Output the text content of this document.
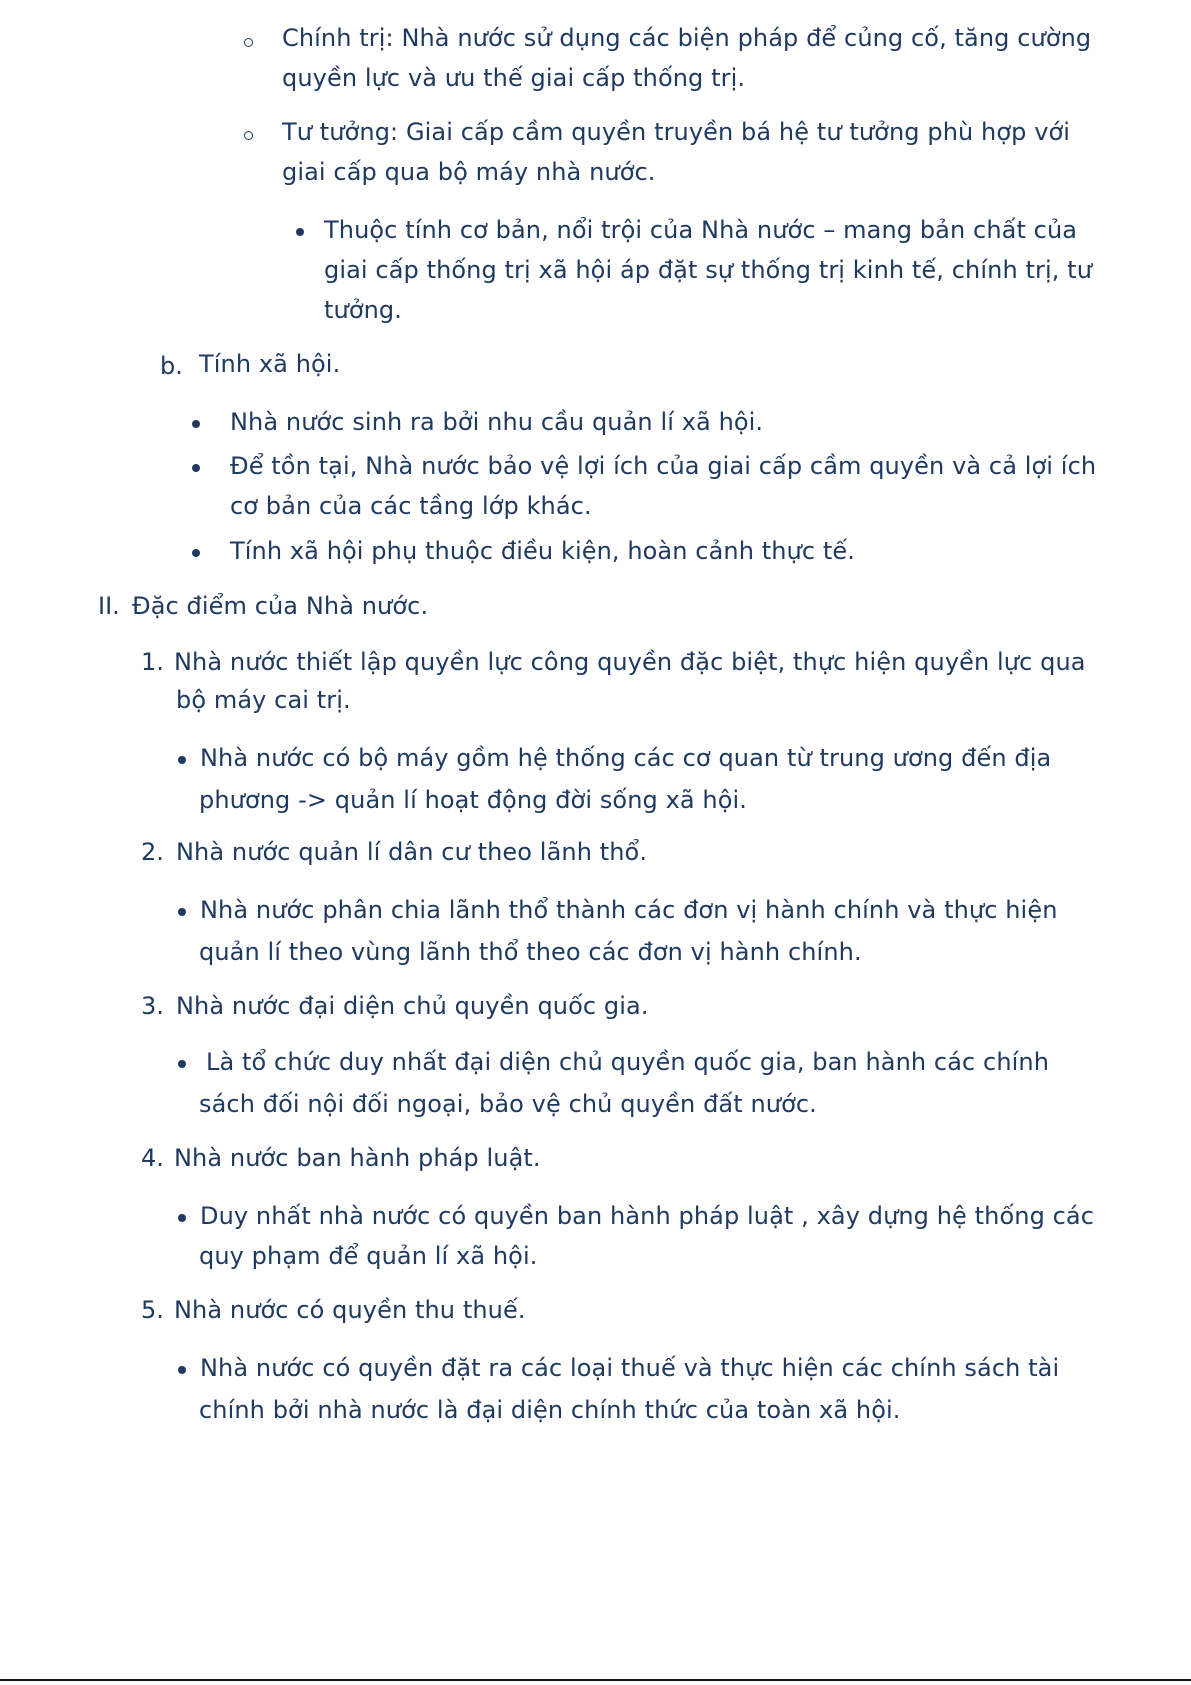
Chính trị: Nhà nước sử dụng các biện pháp để củng cố, tăng cường
quyền lực và ưu thế giai cấp thống trị.
Tư tưởng: Giai cấp cầm quyền truyền bá hệ tư tưởng phù hợp với
giai cấp qua bộ máy nhà nước.
Thuộc tính cơ bản, nổi trội của Nhà nước – mang bản chất của
giai cấp thống trị xã hội áp đặt sự thống trị kinh tế, chính trị, tư
tưởng.
b. Tính xã hội.
Nhà nước sinh ra bởi nhu cầu quản lí xã hội.
Để tồn tại, Nhà nước bảo vệ lợi ích của giai cấp cầm quyền và cả lợi ích
cơ bản của các tầng lớp khác.
Tính xã hội phụ thuộc điều kiện, hoàn cảnh thực tế.
II. Đặc điểm của Nhà nước.
1. Nhà nước thiết lập quyền lực công quyền đặc biệt, thực hiện quyền lực qua
bộ máy cai trị.
Nhà nước có bộ máy gồm hệ thống các cơ quan từ trung ương đến địa
phương -> quản lí hoạt động đời sống xã hội.
2. Nhà nước quản lí dân cư theo lãnh thổ.
Nhà nước phân chia lãnh thổ thành các đơn vị hành chính và thực hiện
quản lí theo vùng lãnh thổ theo các đơn vị hành chính.
3. Nhà nước đại diện chủ quyền quốc gia.
Là tổ chức duy nhất đại diện chủ quyền quốc gia, ban hành các chính
sách đối nội đối ngoại, bảo vệ chủ quyền đất nước.
4. Nhà nước ban hành pháp luật.
Duy nhất nhà nước có quyền ban hành pháp luật , xây dựng hệ thống các
quy phạm để quản lí xã hội.
5. Nhà nước có quyền thu thuế.
Nhà nước có quyền đặt ra các loại thuế và thực hiện các chính sách tài
chính bởi nhà nước là đại diện chính thức của toàn xã hội.
